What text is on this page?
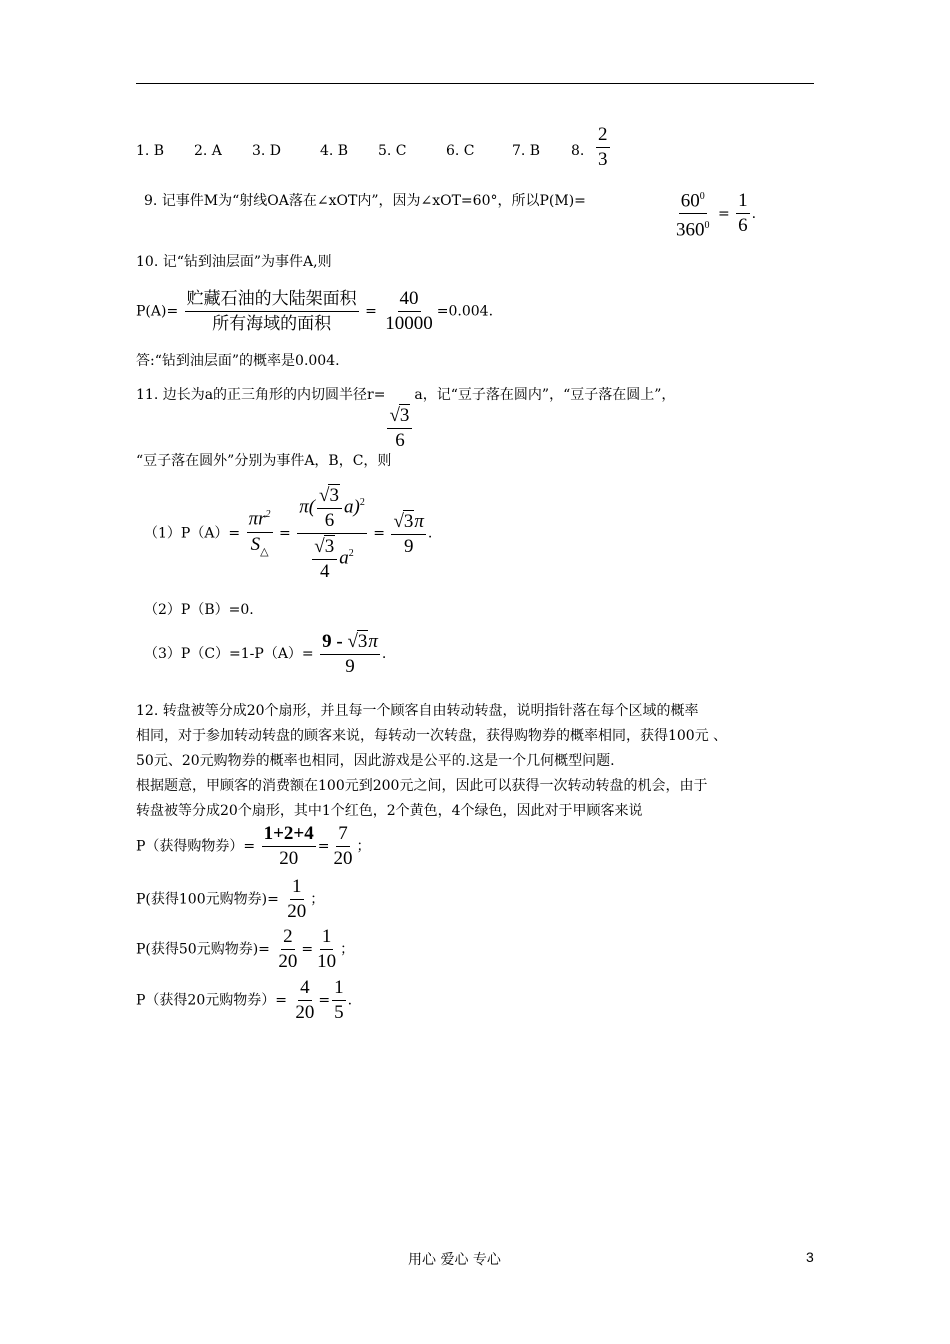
1. B 2. A 3. D	4. B 5. C	6. C	7. B 8. $\frac{2}{3}$
9. 记事件M为“射线OA落在∠xOT内”，因为∠xOT=60°，所以P(M)=	$\frac{60^0}{360^0} = \frac{1}{6}$ .
10. 记“钻到油层面”为事件A,则
$P(A)= \frac{\text{贮藏石油的大陆架面积}}{\text{所有海域的面积}} = \frac{40}{10000} =0.004$.
答:“钻到油层面”的概率是0.004.
11. 边长为a的正三角形的内切圆半径r=
$\frac{√3}{6}$
a，记“豆子落在圆内”，“豆子落在圆上”，
“豆子落在圆外”分别为事件A，B，C，则
$(1)P(A)= \frac{\pi r^2}{S_\triangle} = \frac{\pi( \frac{√3}{6} a)^2}{\frac{√3}{4} a^2} = \frac{√3\pi}{9}$ .
（2）P（B）=0.
$(3)P(C)=1-P(A)= \frac{9 - √3\pi}{9}$ .
12. 转盘被等分成20个扇形，并且每一个顾客自由转动转盘，说明指针落在每个区域的概率
相同，对于参加转动转盘的顾客来说，每转动一次转盘，获得购物券的概率相同，获得100元 、
50元、20元购物券的概率也相同，因此游戏是公平的.这是一个几何概型问题.
根据题意，甲顾客的消费额在100元到200元之间，因此可以获得一次转动转盘的机会，由于
转盘被等分成20个扇形，其中1个红色，2个黄色，4个绿色，因此对于甲顾客来说
P（获得购物券）= $\frac{1+2+4}{20} = \frac{7}{20}$ ；
P(获得100元购物券)= $\frac{1}{20}$ ；
P(获得50元购物券)= $\frac{2}{20} = \frac{1}{10}$ ；
P（获得20元购物券）= $\frac{4}{20} = \frac{1}{5}$ .
用心 爱心 专心	3
